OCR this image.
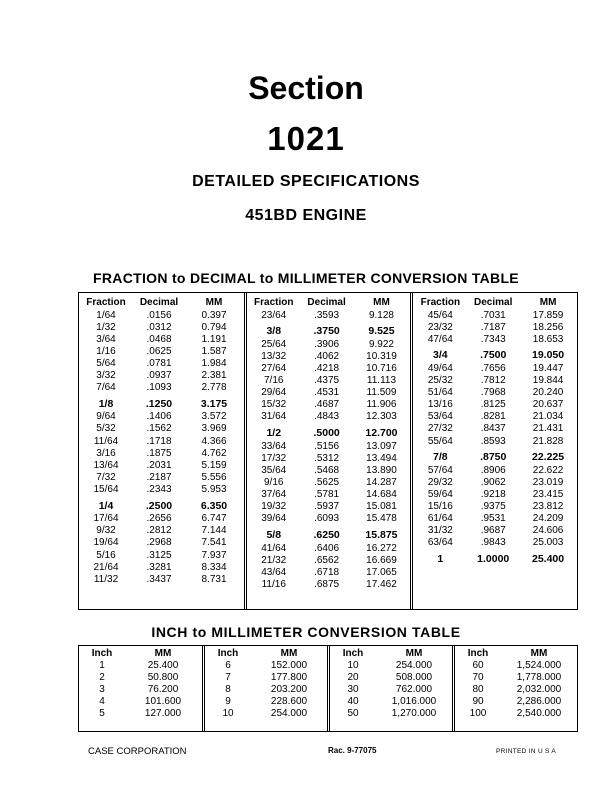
Section
1021
DETAILED SPECIFICATIONS
451BD ENGINE
FRACTION to DECIMAL to MILLIMETER CONVERSION TABLE
Fraction	Decimal	MM
1/64	.0156	0.397
1/32	.0312	0.794
3/64	.0468	1.191
1/16	.0625	1.587
5/64	.0781	1.984
3/32	.0937	2.381
7/64	.1093	2.778
1/8	.1250	3.175
9/64	.1406	3.572
5/32	.1562	3.969
11/64	.1718	4.366
3/16	.1875	4.762
13/64	.2031	5.159
7/32	.2187	5.556
15/64	.2343	5.953
1/4	.2500	6.350
17/64	.2656	6.747
9/32	.2812	7.144
19/64	.2968	7.541
5/16	.3125	7.937
21/64	.3281	8.334
11/32	.3437	8.731
Fraction	Decimal	MM
23/64	.3593	9.128
3/8	.3750	9.525
25/64	.3906	9.922
13/32	.4062	10.319
27/64	.4218	10.716
7/16	.4375	11.113
29/64	.4531	11.509
15/32	.4687	11.906
31/64	.4843	12.303
1/2	.5000	12.700
33/64	.5156	13.097
17/32	.5312	13.494
35/64	.5468	13.890
9/16	.5625	14.287
37/64	.5781	14.684
19/32	.5937	15.081
39/64	.6093	15.478
5/8	.6250	15.875
41/64	.6406	16.272
21/32	.6562	16.669
43/64	.6718	17.065
11/16	.6875	17.462
Fraction	Decimal	MM
45/64	.7031	17.859
23/32	.7187	18.256
47/64	.7343	18.653
3/4	.7500	19.050
49/64	.7656	19.447
25/32	.7812	19.844
51/64	.7968	20.240
13/16	.8125	20.637
53/64	.8281	21.034
27/32	.8437	21.431
55/64	.8593	21.828
7/8	.8750	22.225
57/64	.8906	22.622
29/32	.9062	23.019
59/64	.9218	23.415
15/16	.9375	23.812
61/64	.9531	24.209
31/32	.9687	24.606
63/64	.9843	25.003
1	1.0000	25.400
INCH to MILLIMETER CONVERSION TABLE
Inch	MM
1	25.400
2	50.800
3	76.200
4	101.600
5	127.000
Inch	MM
6	152.000
7	177.800
8	203.200
9	228.600
10	254.000
Inch	MM
10	254.000
20	508.000
30	762.000
40	1,016.000
50	1,270.000
Inch	MM
60	1,524.000
70	1,778.000
80	2,032.000
90	2,286.000
100	2,540.000
CASE CORPORATION	Rac. 9-77075	PRINTED IN U S A
